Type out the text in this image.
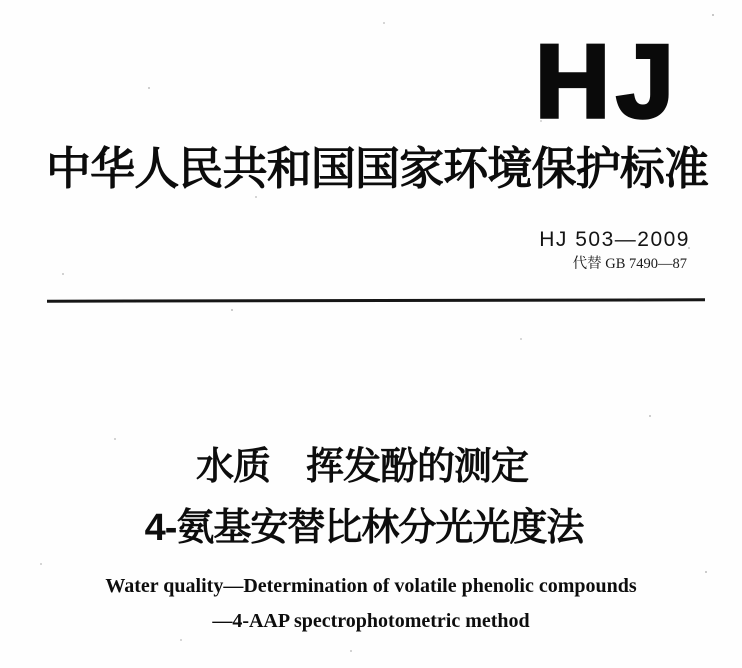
HJ
中华人民共和国国家环境保护标准
HJ 503—2009
代替 GB 7490—87
水质 挥发酚的测定
4-氨基安替比林分光光度法
Water quality—Determination of volatile phenolic compounds
—4-AAP spectrophotometric method
